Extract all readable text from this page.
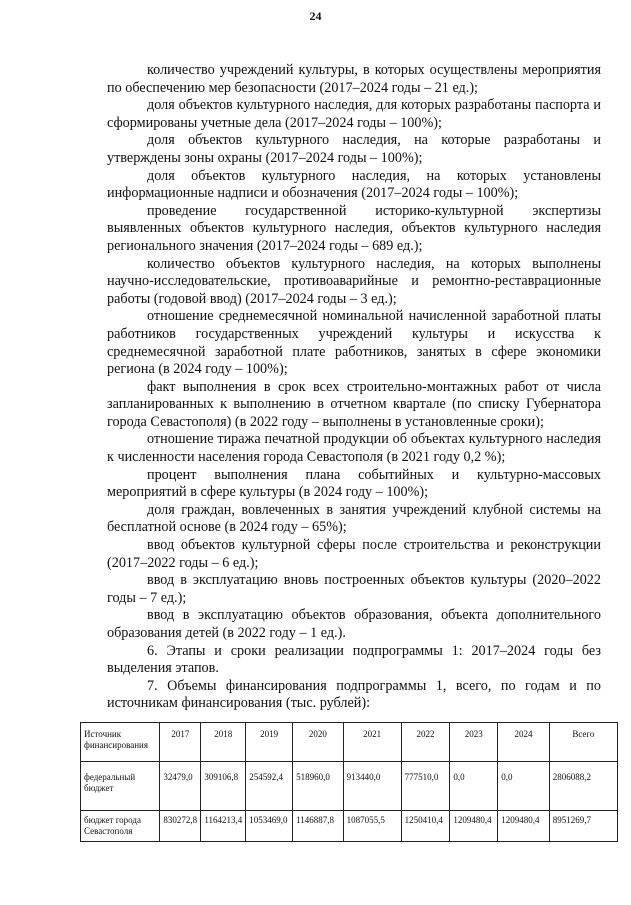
24

количество учреждений культуры, в которых осуществлены мероприятия по обеспечению мер безопасности (2017–2024 годы – 21 ед.);

доля объектов культурного наследия, для которых разработаны паспорта и сформированы учетные дела (2017–2024 годы – 100%);

доля объектов культурного наследия, на которые разработаны и утверждены зоны охраны (2017–2024 годы – 100%);

доля объектов культурного наследия, на которых установлены информационные надписи и обозначения (2017–2024 годы – 100%);

проведение государственной историко-культурной экспертизы выявленных объектов культурного наследия, объектов культурного наследия регионального значения (2017–2024 годы – 689 ед.);

количество объектов культурного наследия, на которых выполнены научно-исследовательские, противоаварийные и ремонтно-реставрационные работы (годовой ввод) (2017–2024 годы – 3 ед.);

отношение среднемесячной номинальной начисленной заработной платы работников государственных учреждений культуры и искусства к среднемесячной заработной плате работников, занятых в сфере экономики региона (в 2024 году – 100%);

факт выполнения в срок всех строительно-монтажных работ от числа запланированных к выполнению в отчетном квартале (по списку Губернатора города Севастополя) (в 2022 году – выполнены в установленные сроки);

отношение тиража печатной продукции об объектах культурного наследия к численности населения города Севастополя (в 2021 году 0,2 %);

процент выполнения плана событийных и культурно-массовых мероприятий в сфере культуры (в 2024 году – 100%);

доля граждан, вовлеченных в занятия учреждений клубной системы на бесплатной основе (в 2024 году – 65%);

ввод объектов культурной сферы после строительства и реконструкции (2017–2022 годы – 6 ед.);

ввод в эксплуатацию вновь построенных объектов культуры (2020–2022 годы – 7 ед.);

ввод в эксплуатацию объектов образования, объекта дополнительного образования детей (в 2022 году – 1 ед.).

6. Этапы и сроки реализации подпрограммы 1: 2017–2024 годы без выделения этапов.

7. Объемы финансирования подпрограммы 1, всего, по годам и по источникам финансирования (тыс. рублей):

Источник финансирования	2017	2018	2019	2020	2021	2022	2023	2024	Всего
федеральный бюджет	32479,0	309106,8	254592,4	518960,0	913440,0	777510,0	0,0	0,0	2806088,2
бюджет города Севастополя	830272,8	1164213,4	1053469,0	1146887,8	1087055,5	1250410,4	1209480,4	1209480,4	8951269,7
